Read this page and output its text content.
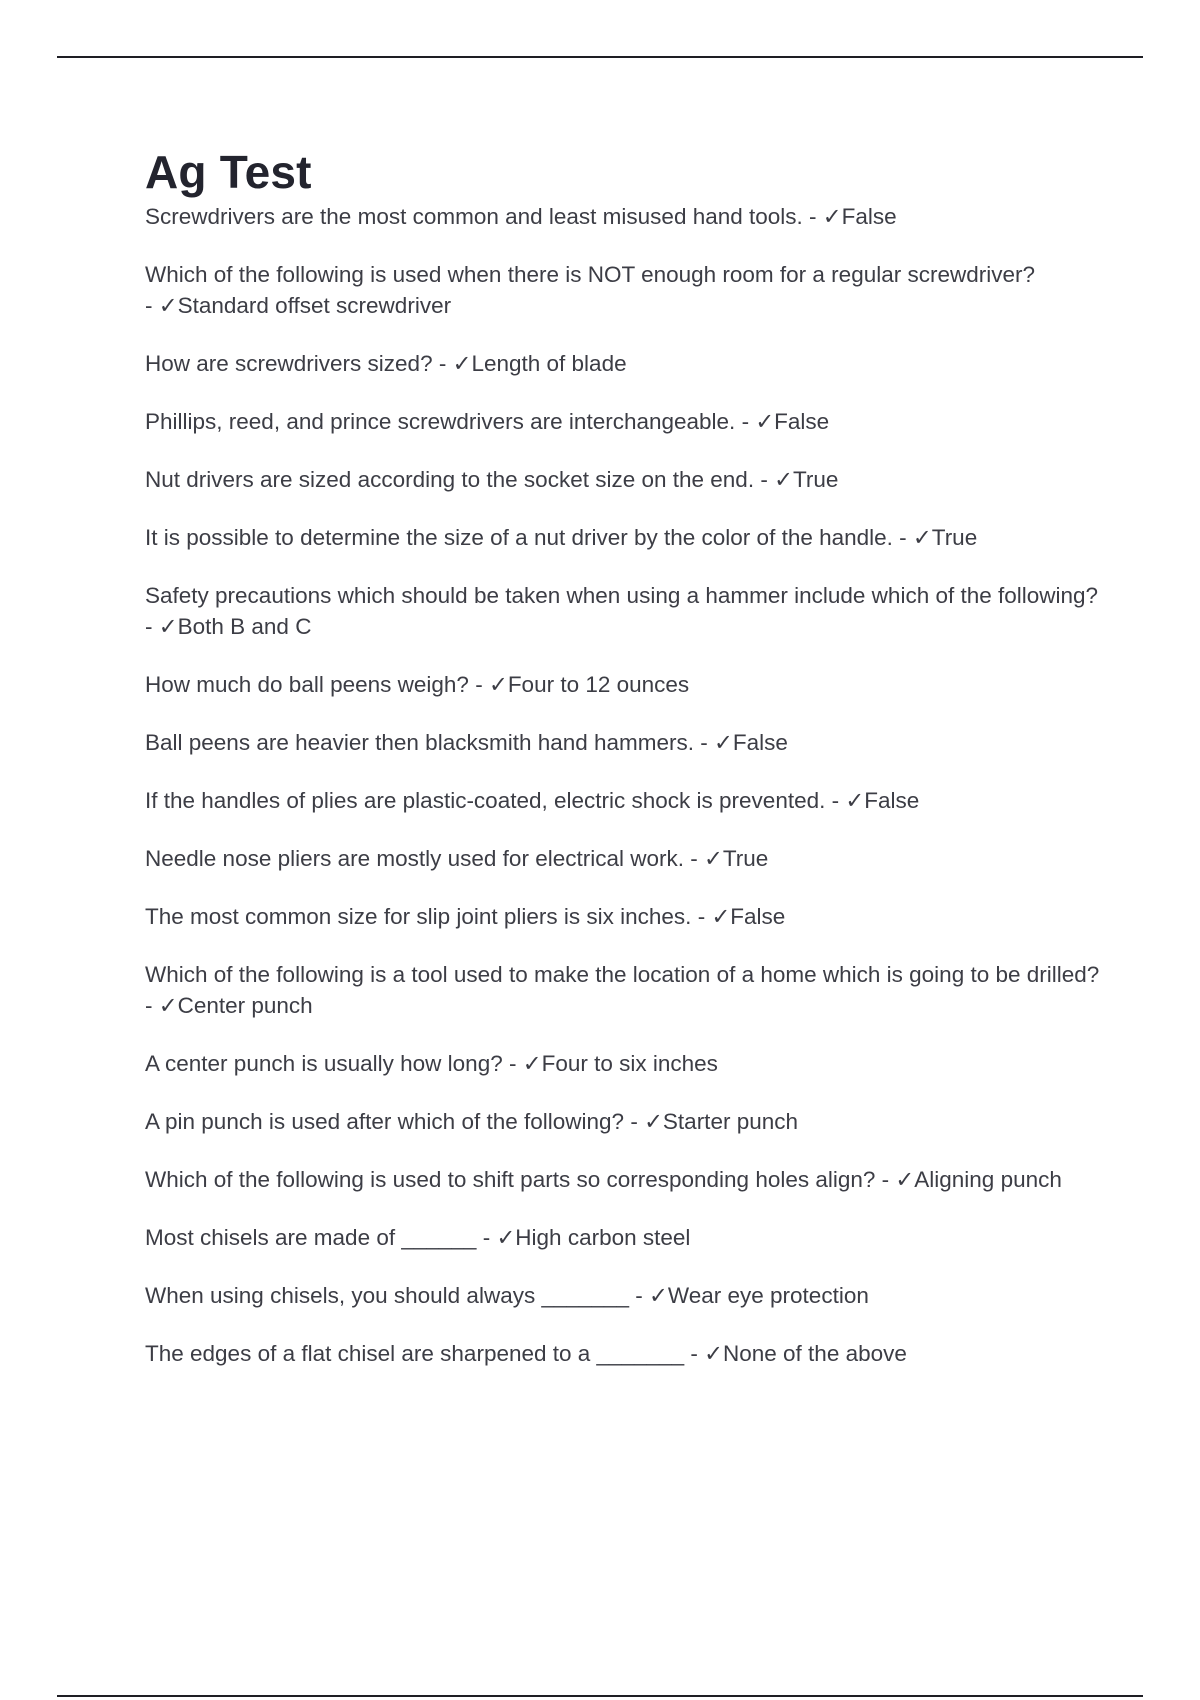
Ag Test
Screwdrivers are the most common and least misused hand tools. - ✓False
Which of the following is used when there is NOT enough room for a regular screwdriver? - ✓Standard offset screwdriver
How are screwdrivers sized? - ✓Length of blade
Phillips, reed, and prince screwdrivers are interchangeable. - ✓False
Nut drivers are sized according to the socket size on the end. - ✓True
It is possible to determine the size of a nut driver by the color of the handle. - ✓True
Safety precautions which should be taken when using a hammer include which of the following? - ✓Both B and C
How much do ball peens weigh? - ✓Four to 12 ounces
Ball peens are heavier then blacksmith hand hammers. - ✓False
If the handles of plies are plastic-coated, electric shock is prevented. - ✓False
Needle nose pliers are mostly used for electrical work. - ✓True
The most common size for slip joint pliers is six inches. - ✓False
Which of the following is a tool used to make the location of a home which is going to be drilled? - ✓Center punch
A center punch is usually how long? - ✓Four to six inches
A pin punch is used after which of the following? - ✓Starter punch
Which of the following is used to shift parts so corresponding holes align? - ✓Aligning punch
Most chisels are made of ______ - ✓High carbon steel
When using chisels, you should always _______ - ✓Wear eye protection
The edges of a flat chisel are sharpened to a _______ - ✓None of the above
